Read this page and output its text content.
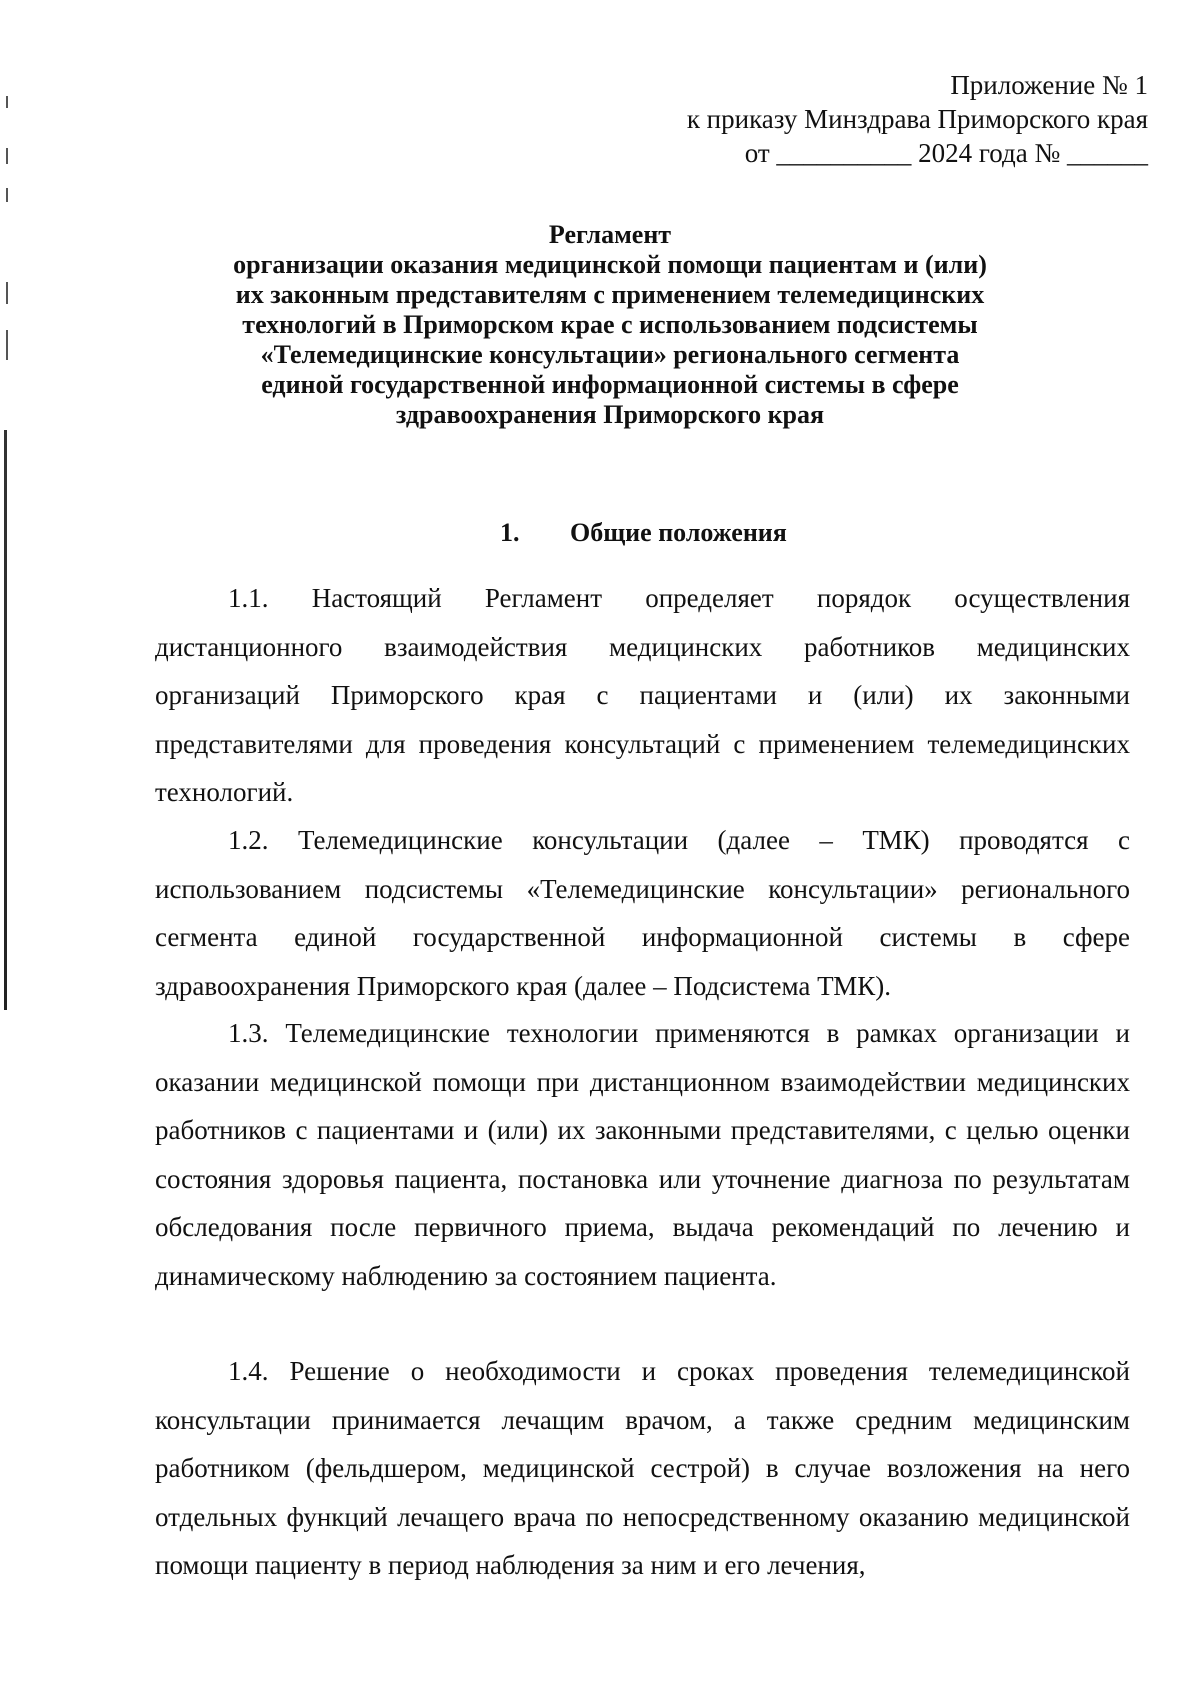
Приложение № 1
к приказу Минздрава Приморского края
от __________ 2024 года № ______
Регламент
организации оказания медицинской помощи пациентам и (или)
их законным представителям с применением телемедицинских
технологий в Приморском крае с использованием подсистемы
«Телемедицинские консультации» регионального сегмента
единой государственной информационной системы в сфере
здравоохранения Приморского края
1. Общие положения

1.1. Настоящий Регламент определяет порядок осуществления дистанционного взаимодействия медицинских работников медицинских организаций Приморского края с пациентами и (или) их законными представителями для проведения консультаций с применением телемедицинских технологий.

1.2. Телемедицинские консультации (далее – ТМК) проводятся с использованием подсистемы «Телемедицинские консультации» регионального сегмента единой государственной информационной системы в сфере здравоохранения Приморского края (далее – Подсистема ТМК).

1.3. Телемедицинские технологии применяются в рамках организации и оказании медицинской помощи при дистанционном взаимодействии медицинских работников с пациентами и (или) их законными представителями, с целью оценки состояния здоровья пациента, постановка или уточнение диагноза по результатам обследования после первичного приема, выдача рекомендаций по лечению и динамическому наблюдению за состоянием пациента.

1.4. Решение о необходимости и сроках проведения телемедицинской консультации принимается лечащим врачом, а также средним медицинским работником (фельдшером, медицинской сестрой) в случае возложения на него отдельных функций лечащего врача по непосредственному оказанию медицинской помощи пациенту в период наблюдения за ним и его лечения,
